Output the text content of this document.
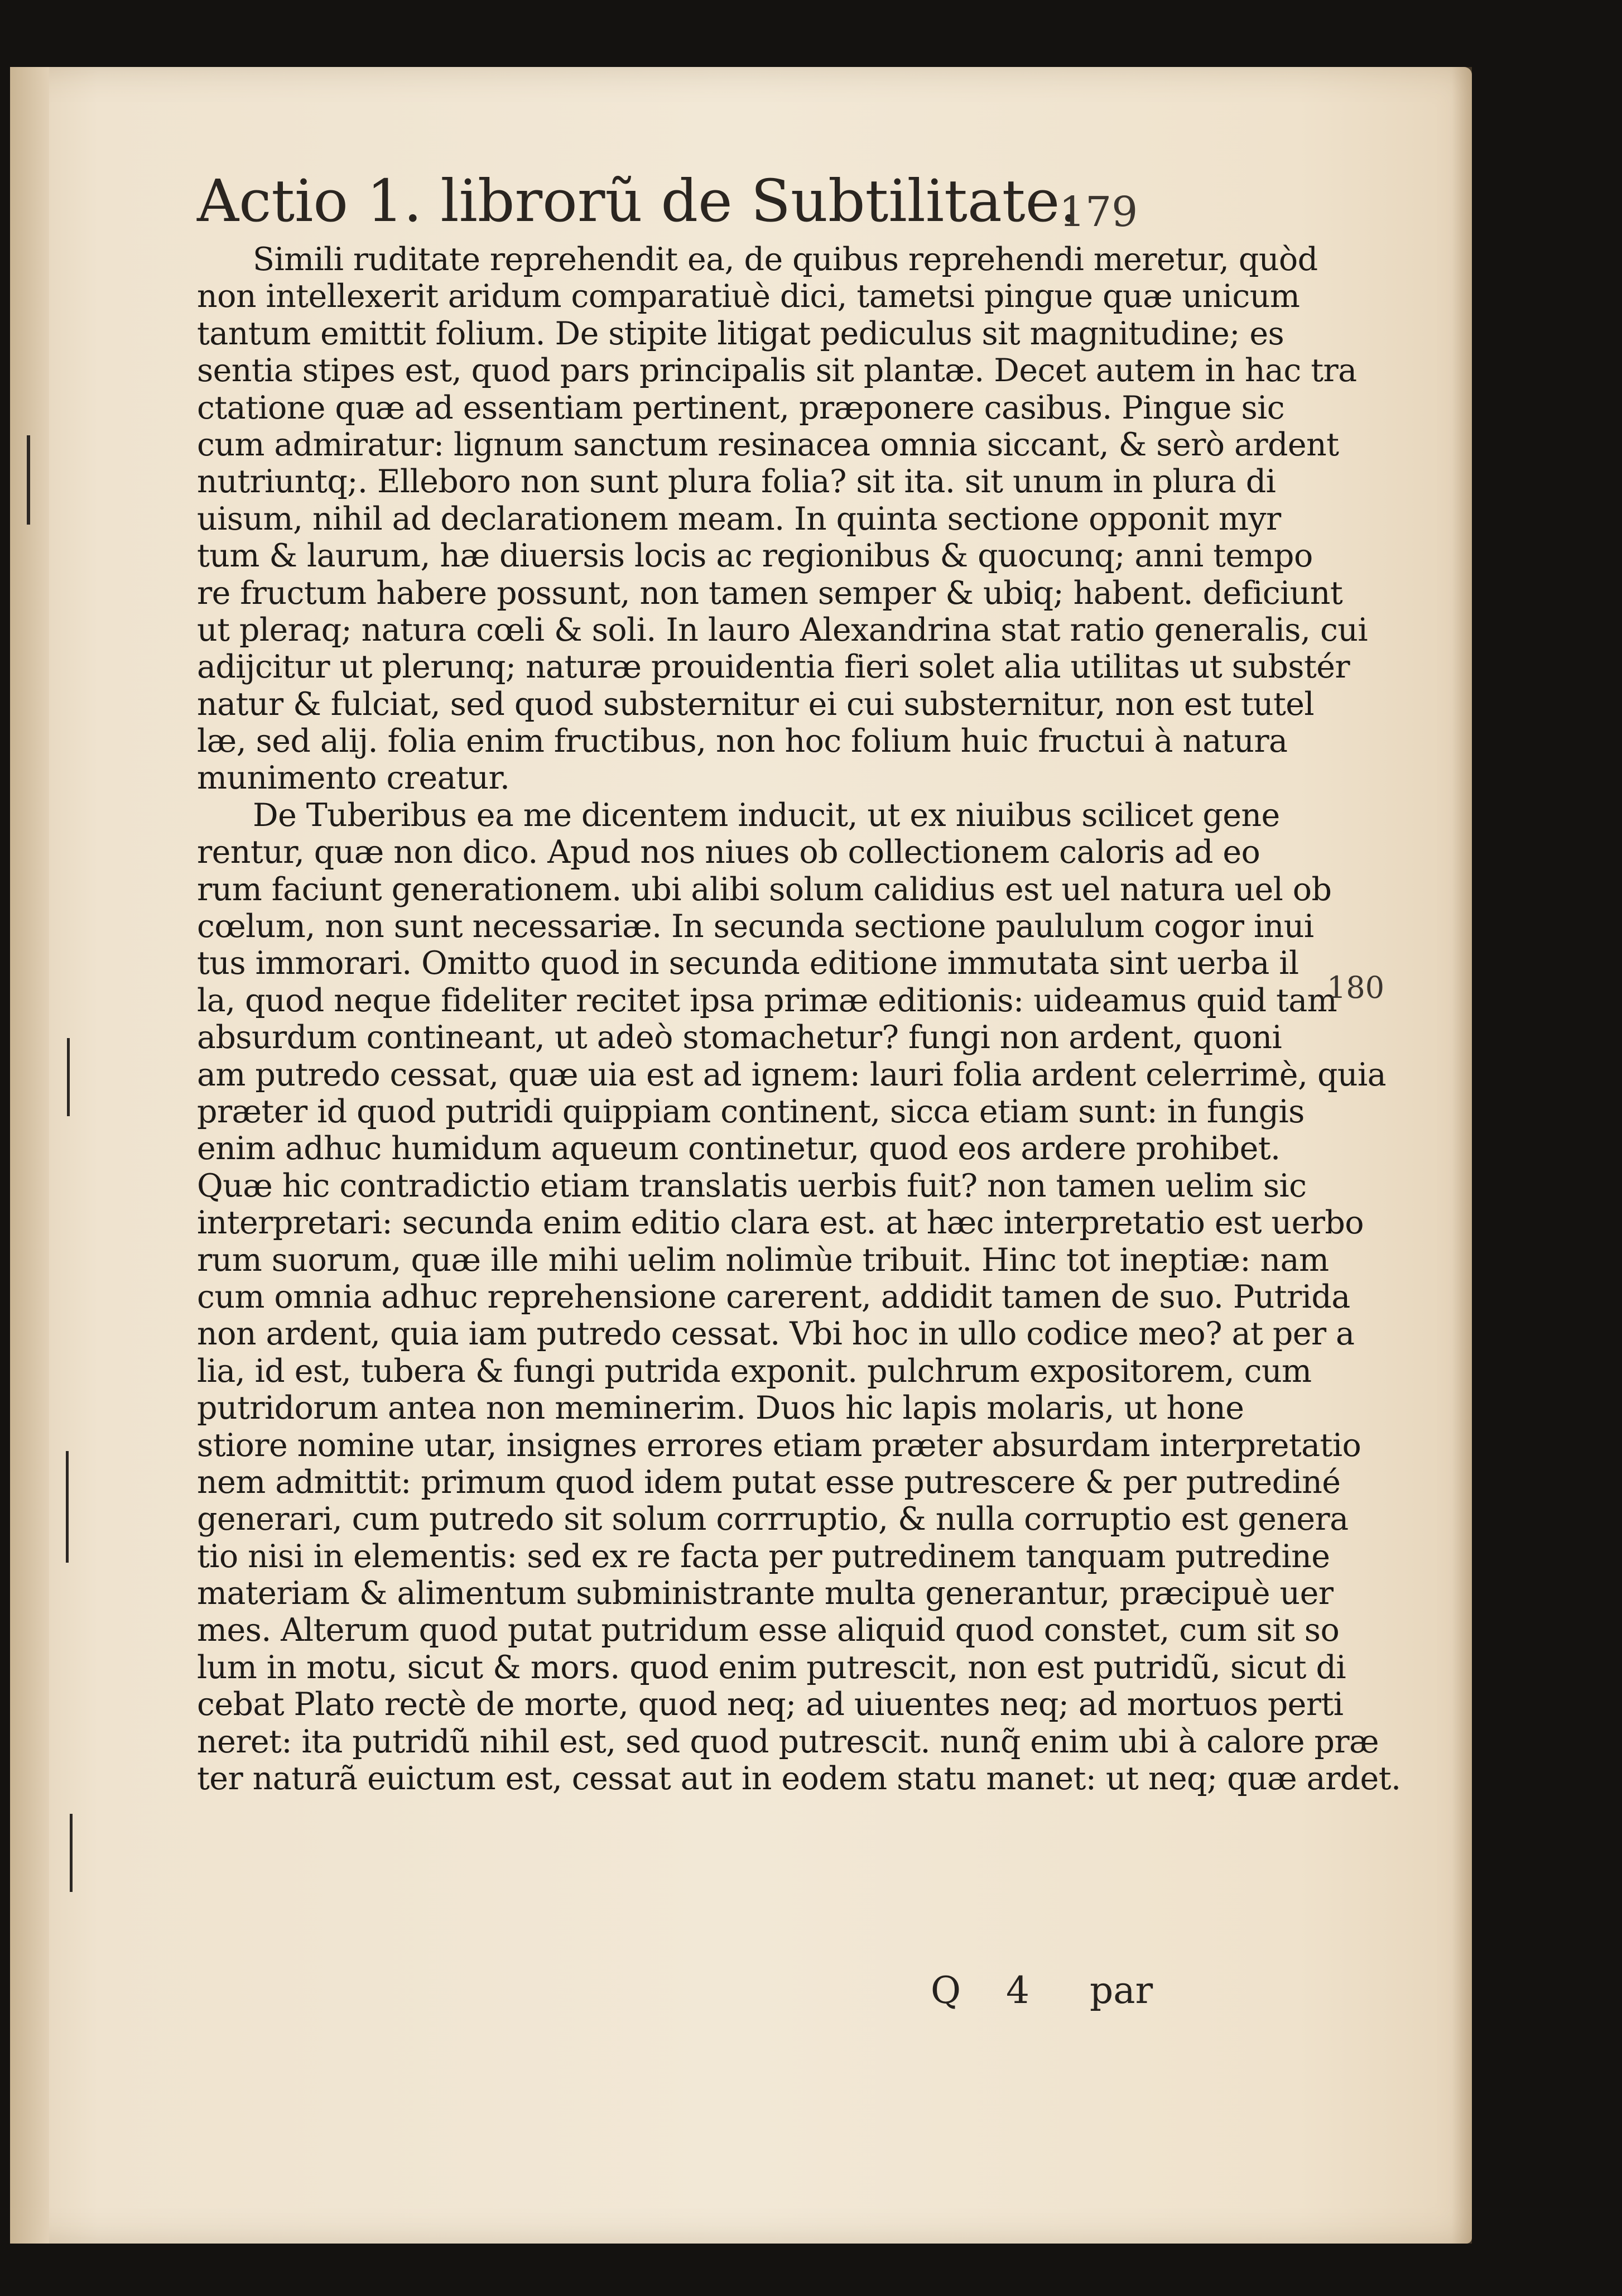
Actio 1. librorũ de Subtilitate.
179
Simili ruditate reprehendit ea, de quibus reprehendi meretur, quòd
non intellexerit aridum comparatiuè dici, tametsi pingue quæ unicum
tantum emittit folium. De stipite litigat pediculus sit magnitudine; es
sentia stipes est, quod pars principalis sit plantæ. Decet autem in hac tra
ctatione quæ ad essentiam pertinent, præponere casibus. Pingue sic
cum admiratur: lignum sanctum resinacea omnia siccant, & serò ardent
nutriuntq;. Elleboro non sunt plura folia? sit ita. sit unum in plura di
uisum, nihil ad declarationem meam. In quinta sectione opponit myr
tum & laurum, hæ diuersis locis ac regionibus & quocunq; anni tempo
re fructum habere possunt, non tamen semper & ubiq; habent. deficiunt
ut pleraq; natura cœli & soli. In lauro Alexandrina stat ratio generalis, cui
adijcitur ut plerunq; naturæ prouidentia fieri solet alia utilitas ut substér
natur & fulciat, sed quod substernitur ei cui substernitur, non est tutel
læ, sed alij. folia enim fructibus, non hoc folium huic fructui à natura
munimento creatur.
De Tuberibus ea me dicentem inducit, ut ex niuibus scilicet gene
rentur, quæ non dico. Apud nos niues ob collectionem caloris ad eo
rum faciunt generationem. ubi alibi solum calidius est uel natura uel ob
cœlum, non sunt necessariæ. In secunda sectione paululum cogor inui
tus immorari. Omitto quod in secunda editione immutata sint uerba il
la, quod neque fideliter recitet ipsa primæ editionis: uideamus quid tam
absurdum contineant, ut adeò stomachetur? fungi non ardent, quoni
am putredo cessat, quæ uia est ad ignem: lauri folia ardent celerrimè, quia
præter id quod putridi quippiam continent, sicca etiam sunt: in fungis
enim adhuc humidum aqueum continetur, quod eos ardere prohibet.
Quæ hic contradictio etiam translatis uerbis fuit? non tamen uelim sic
interpretari: secunda enim editio clara est. at hæc interpretatio est uerbo
rum suorum, quæ ille mihi uelim nolimùe tribuit. Hinc tot ineptiæ: nam
cum omnia adhuc reprehensione carerent, addidit tamen de suo. Putrida
non ardent, quia iam putredo cessat. Vbi hoc in ullo codice meo? at per a
lia, id est, tubera & fungi putrida exponit. pulchrum expositorem, cum
putridorum antea non meminerim. Duos hic lapis molaris, ut hone
stiore nomine utar, insignes errores etiam præter absurdam interpretatio
nem admittit: primum quod idem putat esse putrescere & per putrediné
generari, cum putredo sit solum corrruptio, & nulla corruptio est genera
tio nisi in elementis: sed ex re facta per putredinem tanquam putredine
materiam & alimentum subministrante multa generantur, præcipuè uer
mes. Alterum quod putat putridum esse aliquid quod constet, cum sit so
lum in motu, sicut & mors. quod enim putrescit, non est putridũ, sicut di
cebat Plato rectè de morte, quod neq; ad uiuentes neq; ad mortuos perti
neret: ita putridũ nihil est, sed quod putrescit. nunq̃ enim ubi à calore præ
ter naturã euictum est, cessat aut in eodem statu manet: ut neq; quæ ardet.
180
Q 4 par
